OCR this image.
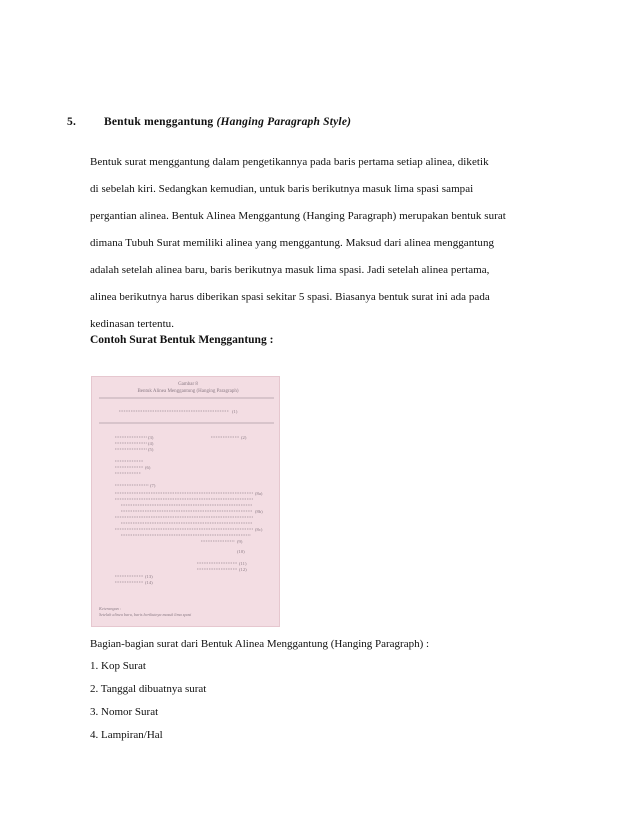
5. Bentuk menggantung (Hanging Paragraph Style)
Bentuk surat menggantung dalam pengetikannya pada baris pertama setiap alinea, diketik
di sebelah kiri. Sedangkan kemudian, untuk baris berikutnya masuk lima spasi sampai
pergantian alinea. Bentuk Alinea Menggantung (Hanging Paragraph) merupakan bentuk surat
dimana Tubuh Surat memiliki alinea yang menggantung. Maksud dari alinea menggantung
adalah setelah alinea baru, baris berikutnya masuk lima spasi. Jadi setelah alinea pertama,
alinea berikutnya harus diberikan spasi sekitar 5 spasi. Biasanya bentuk surat ini ada pada
kedinasan tertentu.
Contoh Surat Bentuk Menggantung :
Gambar 8
Bentuk Alinea Menggantung (Hanging Paragraph)
(1)
(2)
(3)
(4)
(5)
(6)
(7)
(8a)
(8b)
(8c)
(9)
(10)
(11)
(12)
(13)
(14)
Keterangan :
Setelah alinea baru, baris berikutnya masuk lima spasi
Bagian-bagian surat dari Bentuk Alinea Menggantung (Hanging Paragraph) :
1. Kop Surat
2. Tanggal dibuatnya surat
3. Nomor Surat
4. Lampiran/Hal
